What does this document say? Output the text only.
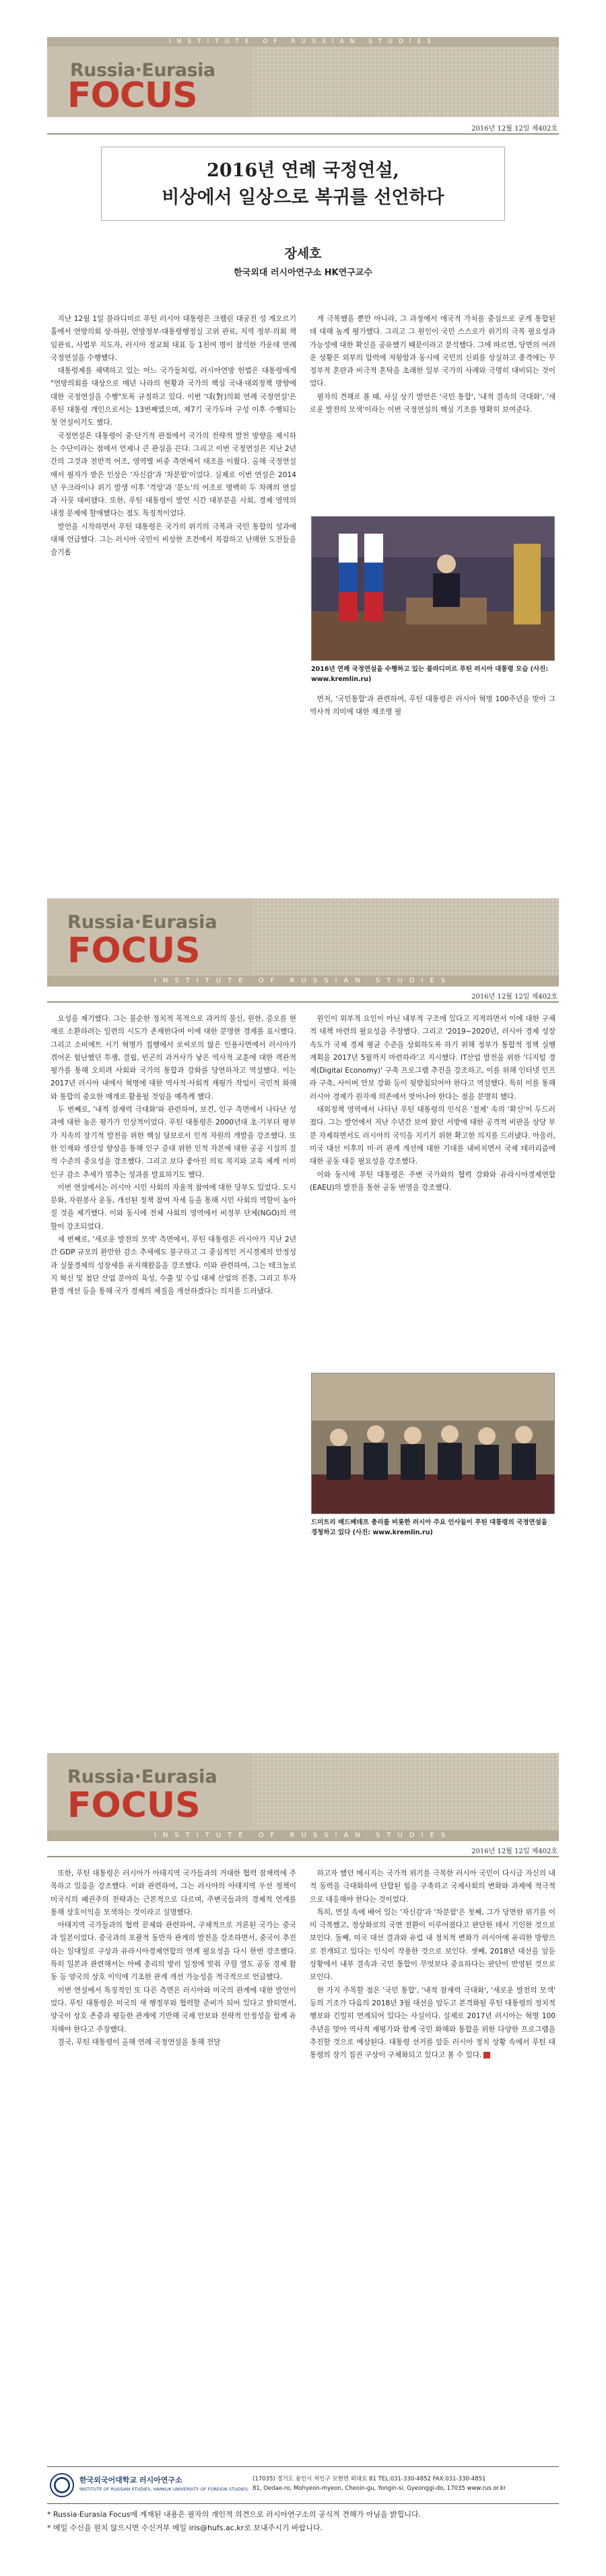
INSTITUTE OF RUSSIAN STUDIES
Russia·Eurasia
FOCUS
2016년 12월 12일 제402호
2016년 연례 국정연설,
비상에서 일상으로 복귀를 선언하다
장세호
한국외대 러시아연구소 HK연구교수

지난 12월 1일 블라디미르 푸틴 러시아 대통령은 크렘린 대궁전 성 게오르기 홀에서 연방의회 상·하원, 연방정부·대통령행정실 고위 관료, 지역 정부·의회 책임관료, 사법부 지도자, 러시아 정교회 대표 등 1천여 명이 참석한 가운데 연례 국정연설을 수행했다.

대통령제를 채택하고 있는 어느 국가들처럼, 러시아연방 헌법은 대통령에게 "연방의회를 대상으로 매년 나라의 현황과 국가의 핵심 국내·대외정책 방향에 대한 국정연설을 수행"토록 규정하고 있다. 이번 '대(對)의회 연례 국정연설'은 푸틴 대통령 개인으로서는 13번째였으며, 제7기 국가두마 구성 이후 수행되는 첫 연설이기도 했다.

국정연설은 대통령이 중·단기적 관점에서 국가의 전략적 발전 방향을 제시하는 수단이라는 점에서 언제나 큰 관심을 끈다. 그리고 이번 국정연설은 지난 2년간의 그것과 전반적 어조, 영역별 비중 측면에서 대조를 이뤘다. 올해 국정연설에서 필자가 받은 인상은 '자신감'과 '차분함'이었다. 실제로 이번 연설은 2014년 우크라이나 위기 발생 이후 '격앙'과 '분노'의 어조로 명백히 두 차례의 연설과 사뭇 대비됐다. 또한, 푸틴 대통령이 발언 시간 대부분을 사회, 경제 영역의 내정 문제에 할애했다는 점도 특징적이었다.

발언을 시작하면서 푸틴 대통령은 국가의 위기의 극복과 국민 통합의 성과에 대해 언급했다. 그는 러시아 국민이 비상한 조건에서 복잡하고 난해한 도전들을 슬기롭

게 극복했을 뿐만 아니라, 그 과정에서 애국적 가치를 중심으로 굳게 통합된 데 대해 높게 평가했다. 그리고 그 원인이 국민 스스로가 위기의 극복 필요성과 가능성에 대한 확신을 공유했기 때문이라고 분석했다. 그에 따르면, 당면의 어려운 상황은 외부의 압력에 저항함과 동시에 국민의 신뢰를 상실하고 충격에는 무정부적 혼란과 비극적 혼탁을 초래한 일부 국가의 사례와 극명히 대비되는 것이었다.

필자의 견해로 볼 때, 사실 상기 발언은 '국민 통합', '내적 결속의 극대화', '새로운 발전의 모색'이라는 이번 국정연설의 핵심 기조를 명확히 보여준다.

2016년 연례 국정연설을 수행하고 있는 블라디미르 푸틴 러시아 대통령 모습 (사진: www.kremlin.ru)

먼저, '국민통합'과 관련하여, 푸틴 대통령은 러시아 혁명 100주년을 맞아 그 역사적 의미에 대한 재조명 필

Russia·Eurasia
FOCUS
INSTITUTE OF RUSSIAN STUDIES
2016년 12월 12일 제402호

요성을 제기했다. 그는 불순한 정치적 목적으로 과거의 불신, 원한, 증오를 현재로 소환하려는 일련의 시도가 존재한다며 이에 대한 분명한 경계를 표시했다. 그리고 소비에트 시기 혁명가 집행에서 로씨로의 많은 인용사면에서 러시아가 겪어온 험난했던 투쟁, 결핍, 빈곤의 과거사가 낳은 역사적 교훈에 대한 객관적 평가를 통해 오히려 사회와 국가의 통합과 강화를 당연하자고 역설했다. 이는 2017년 러시아 내에서 혁명에 대한 역사적·사회적 재평가 작업이 국민적 화해와 통합의 중요한 매개로 활용될 것임을 예측케 했다.

두 번째로, '내적 잠재력 극대화'와 관련하여, 보건, 인구 측면에서 나타난 성과에 대한 높은 평가가 인상적이었다. 푸틴 대통령은 2000년대 초·기부터 평부가 지속의 장기적 발전을 위한 핵심 담보로서 인적 자원의 개발을 강조했다. 또한 인재와 생산성 향상을 통해 인구 증대 위한 인적 자본에 대한 공공 시설의 질적 수준의 중요성을 강조했다. 그리고 보다 좋아진 의료 복지와 교육 체계 이미 인구 감소 추세가 멈추는 성과를 발표하기도 했다.

이번 연설에서는 러시아 시민 사회의 자율적 참여에 대한 당부도 있었다. 도시 문화, 자원봉사 운동, 개선된 정책 참여 자세 등을 통해 시민 사회의 역할이 높아질 것을 제기했다. 이와 동시에 전체 사회의 영역에서 비정부 단체(NGO)의 역할이 강조되었다.

세 번째로, '새로운 발전의 모색' 측면에서, 푸틴 대통령은 러시아가 지난 2년간 GDP 규모의 완만한 감소 추세에도 불구하고 그 중심적인 거시경제의 안정성과 실물경제의 성장세를 유지해왔음을 강조했다. 이와 관련하여, 그는 테크놀로지 혁신 및 첨단 산업 분야의 육성, 수출 및 수입 대체 산업의 진흥, 그리고 투자 환경 개선 등을 통해 국가 경제의 체질을 개선하겠다는 의지를 드러냈다.

원인이 외부적 요인이 아닌 내부적 구조에 있다고 지적하면서 이에 대한 구체적 대책 마련의 필요성을 주장했다. 그리고 '2019~2020년, 러시아 경제 성장 속도가 국제 경제 평균 수준을 상회하도록 하기 위해 정부가 통합적 정책 실행 계획을 2017년 5월까지 마련하라'고 지시했다. IT산업 발전을 위한 '디지털 경제(Digital Economy)' 구축 프로그램 추진을 강조하고, 이를 위해 인터넷 인프라 구축, 사이버 안보 강화 등이 뒷받침되어야 한다고 역설했다. 특히 이를 통해 러시아 경제가 원자재 의존에서 벗어나야 한다는 점을 분명히 했다.

대외정책 영역에서 나타난 푸틴 대통령의 인식은 '절제' 속의 '확신'이 두드러졌다. 그는 발언에서 지난 수년간 보여 왔던 서방에 대한 공격적 비판을 상당 부분 자제하면서도 러시아의 국익을 지키기 위한 확고한 의지를 드러냈다. 아울러, 미국 대선 이후의 미·러 관계 개선에 대한 기대를 내비치면서 국제 테러리즘에 대한 공동 대응 필요성을 강조했다.

이와 동시에 푸틴 대통령은 주변 국가와의 협력 강화와 유라시아경제연합(EAEU)의 발전을 통한 공동 번영을 강조했다.

드미트리 메드베데프 총리를 비롯한 러시아 주요 인사들이 푸틴 대통령의 국정연설을 경청하고 있다 (사진: www.kremlin.ru)
Russia·Eurasia
FOCUS
INSTITUTE OF RUSSIAN STUDIES
2016년 12월 12일 제402호

또한, 푸틴 대통령은 러시아가 아태지역 국가들과의 거대한 협력 잠재력에 주목하고 있음을 강조했다. 이와 관련하여, 그는 러시아의 아태지역 우선 정책이 미국식의 패권주의 전략과는 근본적으로 다르며, 주변국들과의 경제적 연계를 통해 상호이익을 모색하는 것이라고 설명했다.

아태지역 국가들과의 협력 문제와 관련하여, 구체적으로 거론된 국가는 중국과 일본이었다. 중국과의 포괄적 동반자 관계의 발전을 강조하면서, 중국이 추진하는 일대일로 구상과 유라시아경제연합의 연계 필요성을 다시 한번 강조했다. 특히 일본과 관련해서는 아베 총리의 방러 일정에 맞춰 쿠릴 열도 공동 경제 활동 등 양국의 상호 이익에 기초한 관계 개선 가능성을 적극적으로 언급했다.

이번 연설에서 특징적인 또 다른 측면은 러시아와 미국의 관계에 대한 발언이었다. 푸틴 대통령은 미국의 새 행정부와 협력할 준비가 되어 있다고 밝히면서, 양국이 상호 존중과 평등한 관계에 기반해 국제 안보와 전략적 안정성을 함께 유지해야 한다고 주장했다.

결국, 푸틴 대통령이 올해 연례 국정연설을 통해 전달

하고자 했던 메시지는 국가적 위기를 극복한 러시아 국민이 다시금 자신의 내적 동력을 극대화하여 단합된 힘을 구축하고 국제사회의 변화와 과제에 적극적으로 대응해야 한다는 것이었다.

특히, 연설 속에 배어 있는 '자신감'과 '차분함'은 첫째, 그가 당면한 위기를 이미 극복했고, 정상화로의 국면 전환이 이루어졌다고 판단한 데서 기인한 것으로 보인다. 둘째, 미국 대선 결과와 유럽 내 정치적 변화가 러시아에 유리한 방향으로 전개되고 있다는 인식이 작용한 것으로 보인다. 셋째, 2018년 대선을 앞둔 상황에서 내부 결속과 국민 통합이 무엇보다 중요하다는 판단이 반영된 것으로 보인다.

한 가지 주목할 점은 '국민 통합', '내적 잠재력 극대화', '새로운 발전의 모색' 등의 기조가 다음의 2018년 3월 대선을 앞두고 본격화될 푸틴 대통령의 정치적 행보와 긴밀히 연계되어 있다는 사실이다. 실제로 2017년 러시아는 혁명 100주년을 맞아 역사적 재평가와 함께 국민 화해와 통합을 위한 다양한 프로그램을 추진할 것으로 예상된다. 대통령 선거를 앞둔 러시아 정치 상황 속에서 푸틴 대통령의 장기 집권 구상이 구체화되고 있다고 볼 수 있다.

한국외국어대학교 러시아연구소
INSTITUTE OF RUSSIAN STUDIES, HANKUK UNIVERSITY OF FOREIGN STUDIES
(17035) 경기도 용인시 처인구 모현면 외대로 81 TEL:031-330-4852 FAX:031-330-4851
81, Oedae-ro, Mohyeon-myeon, Cheoin-gu, Yongin-si, Gyeonggi-do, 17035 www.rus.or.kr
* Russia·Eurasia Focus에 게재된 내용은 필자의 개인적 의견으로 러시아연구소의 공식적 견해가 아님을 밝힙니다.
* 메일 수신을 원치 않으시면 수신거부 메일 iris@hufs.ac.kr로 보내주시기 바랍니다.
